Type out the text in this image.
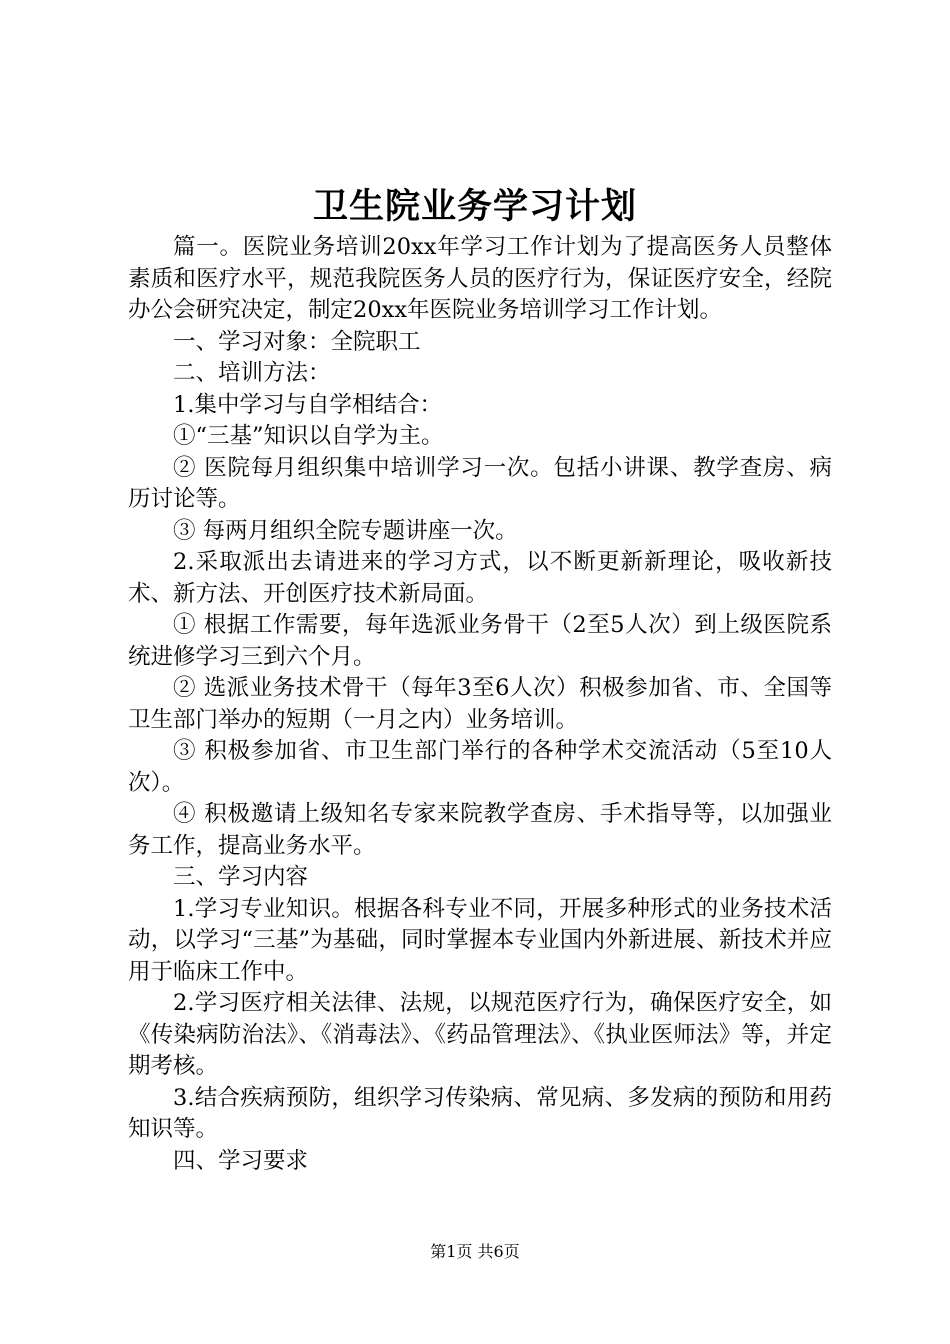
卫生院业务学习计划

篇一。医院业务培训20xx年学习工作计划为了提高医务人员整体素质和医疗水平，规范我院医务人员的医疗行为，保证医疗安全，经院办公会研究决定，制定20xx年医院业务培训学习工作计划。

一、学习对象：全院职工

二、培训方法：

1.集中学习与自学相结合：

①“三基”知识以自学为主。

② 医院每月组织集中培训学习一次。包括小讲课、教学查房、病历讨论等。

③ 每两月组织全院专题讲座一次。

2.采取派出去请进来的学习方式，以不断更新新理论，吸收新技术、新方法、开创医疗技术新局面。

① 根据工作需要，每年选派业务骨干（2至5人次）到上级医院系统进修学习三到六个月。

② 选派业务技术骨干（每年3至6人次）积极参加省、市、全国等卫生部门举办的短期（一月之内）业务培训。

③ 积极参加省、市卫生部门举行的各种学术交流活动（5至10人次）。

④ 积极邀请上级知名专家来院教学查房、手术指导等，以加强业务工作，提高业务水平。

三、学习内容

1.学习专业知识。根据各科专业不同，开展多种形式的业务技术活动，以学习“三基”为基础，同时掌握本专业国内外新进展、新技术并应用于临床工作中。

2.学习医疗相关法律、法规，以规范医疗行为，确保医疗安全，如《传染病防治法》、《消毒法》、《药品管理法》、《执业医师法》等，并定期考核。

3.结合疾病预防，组织学习传染病、常见病、多发病的预防和用药知识等。

四、学习要求

第1页 共6页
